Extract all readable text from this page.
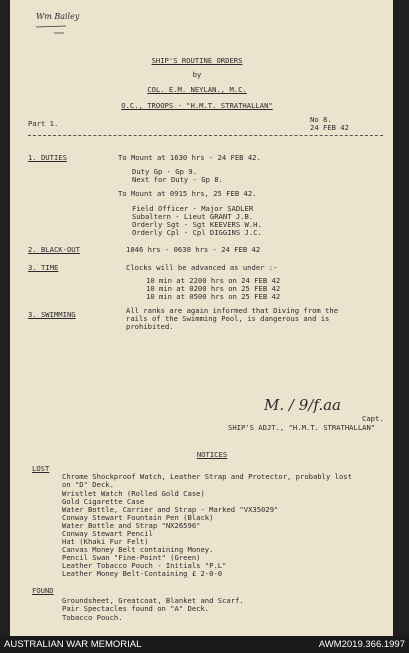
Wm Bailey
SHIP'S ROUTINE ORDERS
by
COL. E.M. NEYLAN., M.C.
O.C., TROOPS - "H.M.T. STRATHALLAN"
Part 1.	No 8.
24 FEB 42
1. DUTIES	To Mount at 1630 hrs - 24 FEB 42.
Duty Gp - Gp 9.
Next for Duty - Gp 8.
To Mount at 0915 hrs, 25 FEB 42.
Field Officer - Major SADLER
Subaltern - Lieut GRANT J.B.
Orderly Sgt - Sgt KEEVERS W.H.
Orderly Cpl - Cpl DIGGINS J.C.
2. BLACK-OUT	1846 hrs - 0630 hrs - 24 FEB 42
3. TIME	Clocks will be advanced as under :-
10 min at 2200 hrs on 24 FEB 42
10 min at 0200 hrs on 25 FEB 42
10 min at 0500 hrs on 25 FEB 42
3. SWIMMING	All ranks are again informed that Diving from the
rails of the Swimming Pool, is dangerous and is
prohibited.
M. / 9/f.aa
Capt.
SHIP'S ADJT., "H.M.T. STRATHALLAN"
NOTICES
LOST
Chrome Shockproof Watch, Leather Strap and Protector, probably lost
on "D" Deck.
Wristlet Watch (Rolled Gold Case)
Gold Cigarette Case
Water Bottle, Carrier and Strap - Marked "VX35029"
Conway Stewart Fountain Pen (Black)
Water Bottle and Strap "NX26596"
Conway Stewart Pencil
Hat (Khaki Fur Felt)
Canvas Money Belt containing Money.
Pencil Swan "Fine-Point" (Green)
Leather Tobacco Pouch - Initials "P.L"
Leather Money Belt-Containing £ 2-0-0
FOUND
Groundsheet, Greatcoat, Blanket and Scarf.
Pair Spectacles found on "A" Deck.
Tobacco Pouch.
AUSTRALIAN WAR MEMORIAL	AWM2019.366.1997
